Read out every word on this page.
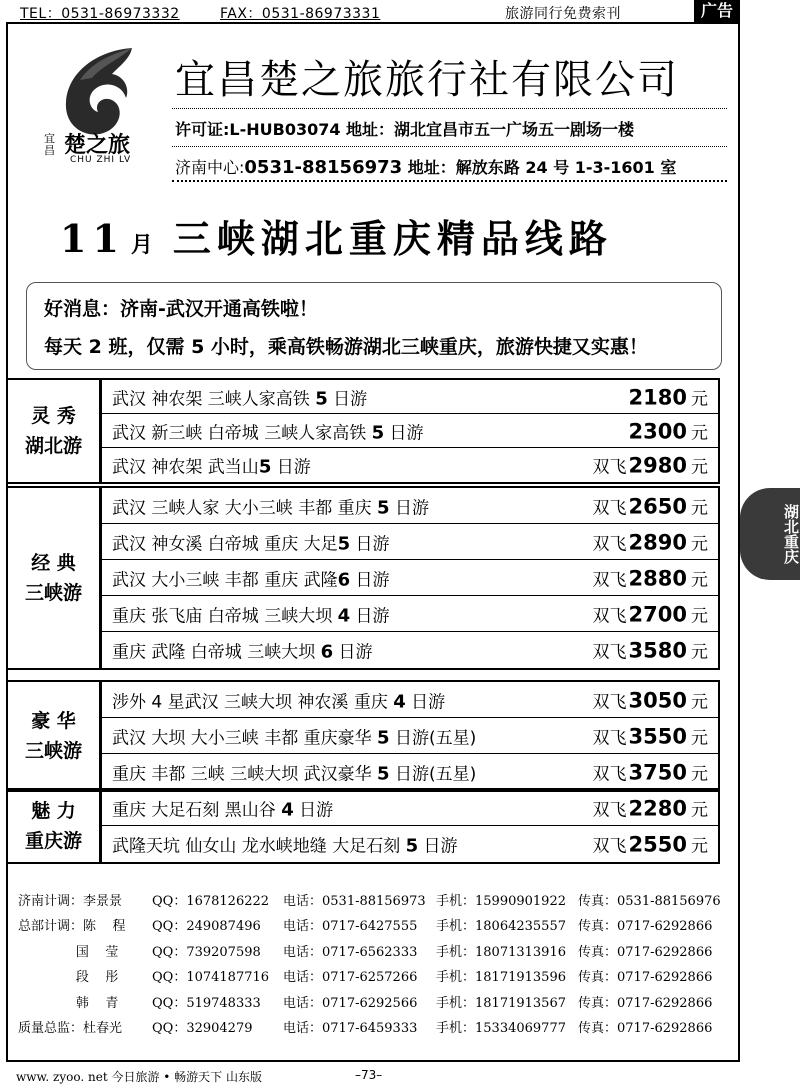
TEL：0531-86973332	FAX：0531-86973331	旅游同行免费索刊	广告
宜昌 楚之旅
CHU ZHI LV
宜昌楚之旅旅行社有限公司
许可证:L-HUB03074 地址：湖北宜昌市五一广场五一剧场一楼
济南中心:0531-88156973 地址：解放东路 24 号 1-3-1601 室
11 月 三峡湖北重庆精品线路
好消息：济南-武汉开通高铁啦！
每天 2 班，仅需 5 小时，乘高铁畅游湖北三峡重庆，旅游快捷又实惠！
湖北重庆
灵 秀
湖北游
武汉 神农架 三峡人家高铁 5 日游	2180 元
武汉 新三峡 白帝城 三峡人家高铁 5 日游	2300 元
武汉 神农架 武当山5 日游	双飞2980 元
经 典
三峡游
武汉 三峡人家 大小三峡 丰都 重庆 5 日游	双飞2650 元
武汉 神女溪 白帝城 重庆 大足5 日游	双飞2890 元
武汉 大小三峡 丰都 重庆 武隆6 日游	双飞2880 元
重庆 张飞庙 白帝城 三峡大坝 4 日游	双飞2700 元
重庆 武隆 白帝城 三峡大坝 6 日游	双飞3580 元
豪 华
三峡游
涉外 4 星武汉 三峡大坝 神农溪 重庆 4 日游	双飞3050 元
武汉 大坝 大小三峡 丰都 重庆豪华 5 日游(五星)	双飞3550 元
重庆 丰都 三峡 三峡大坝 武汉豪华 5 日游(五星)	双飞3750 元
魅 力
重庆游
重庆 大足石刻 黑山谷 4 日游	双飞2280 元
武隆天坑 仙女山 龙水峡地缝 大足石刻 5 日游	双飞2550 元
济南计调：李景景 QQ：1678126222 电话：0531-88156973 手机：15990901922 传真：0531-88156976
总部计调：陈    程 QQ：249087496 电话：0717-6427555 手机：18064235557 传真：0717-6292866
国    莹	QQ：739207598 电话：0717-6562333 手机：18071313916 传真：0717-6292866
段    彤	QQ：1074187716 电话：0717-6257266 手机：18171913596 传真：0717-6292866
韩    青	QQ：519748333 电话：0717-6292566 手机：18171913567 传真：0717-6292866
质量总监：杜春光 QQ：32904279 电话：0717-6459333 手机：15334069777 传真：0717-6292866
www. zyoo. net 今日旅游 • 畅游天下 山东版	–73–
